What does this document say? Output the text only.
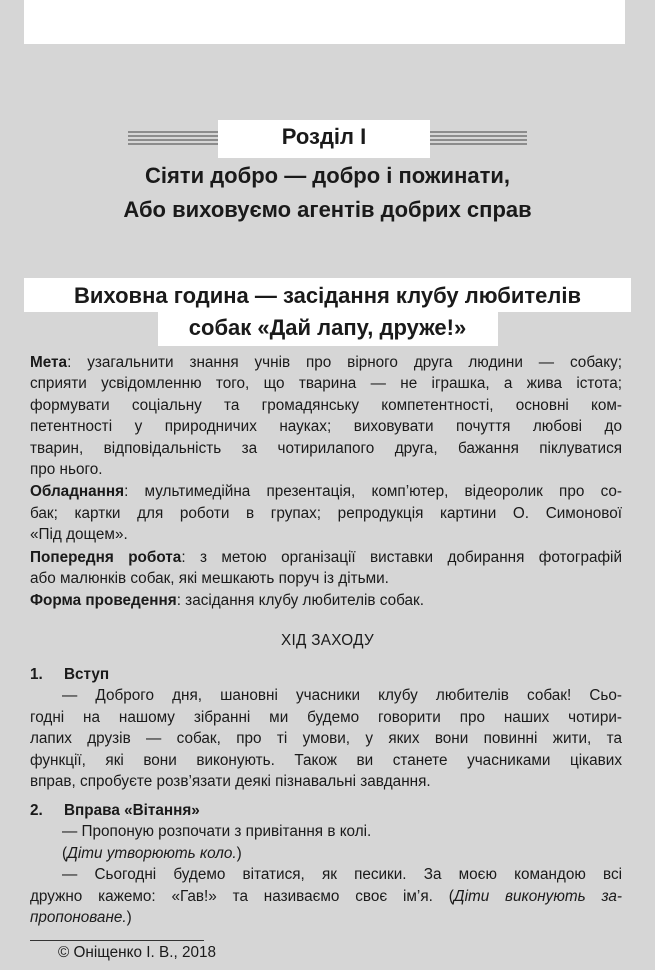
Розділ І
Сіяти добро — добро і пожинати,
Або виховуємо агентів добрих справ
Виховна година — засідання клубу любителів
собак «Дай лапу, друже!»
Мета: узагальнити знання учнів про вірного друга людини — собаку;
сприяти усвідомленню того, що тварина — не іграшка, а жива істота;
формувати соціальну та громадянську компетентності, основні ком-
петентності у природничих науках; виховувати почуття любові до
тварин, відповідальність за чотирилапого друга, бажання піклуватися
про нього.
Обладнання: мультимедійна презентація, комп’ютер, відеоролик про со-
бак; картки для роботи в групах; репродукція картини О. Симонової
«Під дощем».
Попередня робота: з метою організації виставки добирання фотографій
або малюнків собак, які мешкають поруч із дітьми.
Форма проведення: засідання клубу любителів собак.
ХІД ЗАХОДУ
1. Вступ
— Доброго дня, шановні учасники клубу любителів собак! Сьо-
годні на нашому зібранні ми будемо говорити про наших чотири-
лапих друзів — собак, про ті умови, у яких вони повинні жити, та
функції, які вони виконують. Також ви станете учасниками цікавих
вправ, спробуєте розв’язати деякі пізнавальні завдання.
2. Вправа «Вітання»
— Пропоную розпочати з привітання в колі.
(Діти утворюють коло.)
— Сьогодні будемо вітатися, як песики. За моєю командою всі
дружно кажемо: «Гав!» та називаємо своє ім’я. (Діти виконують за-
пропоноване.)
© Оніщенко І. В., 2018
